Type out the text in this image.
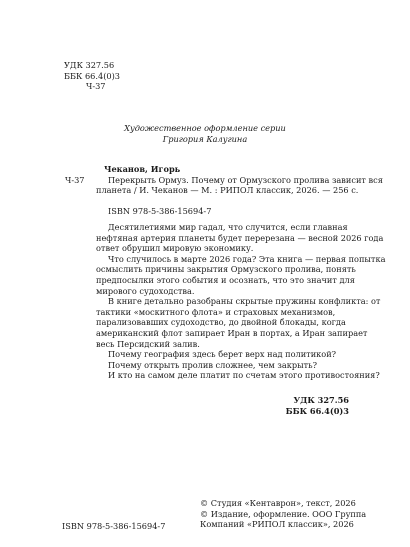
УДК 327.56
ББК 66.4(0)3
Ч-37
Художественное оформление серии
Григория Калугина
Чеканов, Игорь
Ч-37	Перекрыть Ормуз. Почему от Ормузского пролива зависит вся планета / И. Чеканов — М. : РИПОЛ классик, 2026. — 256 с.
ISBN 978-5-386-15694-7

Десятилетиями мир гадал, что случится, если главная нефтяная артерия планеты будет перерезана — весной 2026 года ответ обрушил мировую экономику.

Что случилось в марте 2026 года? Эта книга — первая попытка осмыслить причины закрытия Ормузского пролива, понять предпосылки этого события и осознать, что это значит для мирового судоходства.

В книге детально разобраны скрытые пружины конфликта: от тактики «москитного флота» и страховых механизмов, парализовавших судоходство, до двойной блокады, когда американский флот запирает Иран в портах, а Иран запирает весь Персидский залив.

Почему география здесь берет верх над политикой?

Почему открыть пролив сложнее, чем закрыть?

И кто на самом деле платит по счетам этого противостояния?

УДК 327.56
ББК 66.4(0)3
ISBN 978-5-386-15694-7
© Студия «Кентаврон», текст, 2026
© Издание, оформление. ООО Группа
Компаний «РИПОЛ классик», 2026
